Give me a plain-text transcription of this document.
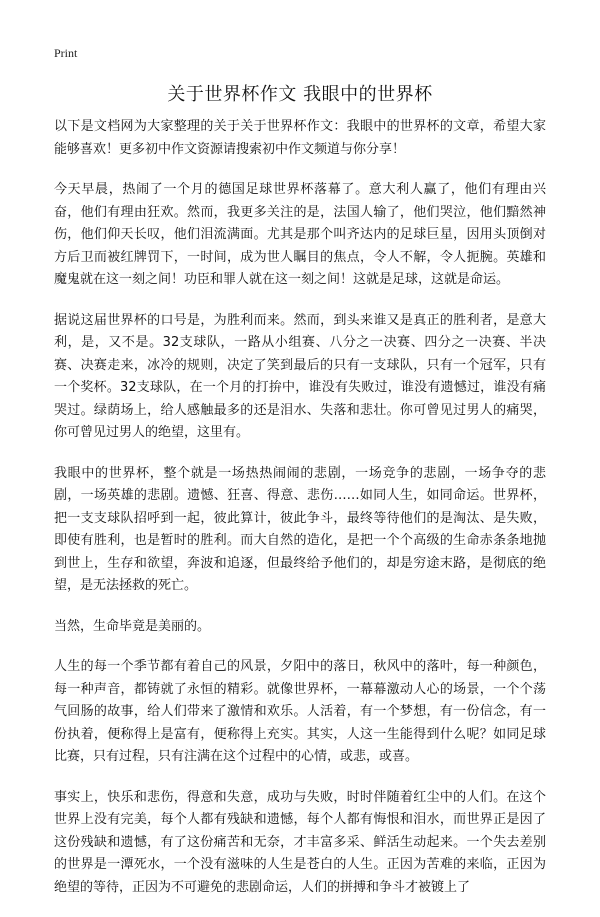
Print
关于世界杯作文 我眼中的世界杯

以下是文档网为大家整理的关于关于世界杯作文：我眼中的世界杯的文章，希望大家能够喜欢！更多初中作文资源请搜索初中作文频道与你分享！

今天早晨，热闹了一个月的德国足球世界杯落幕了。意大利人赢了，他们有理由兴奋，他们有理由狂欢。然而，我更多关注的是，法国人输了，他们哭泣，他们黯然神伤，他们仰天长叹，他们泪流满面。尤其是那个叫齐达内的足球巨星，因用头顶倒对方后卫而被红牌罚下，一时间，成为世人瞩目的焦点，令人不解，令人扼腕。英雄和魔鬼就在这一刻之间！功臣和罪人就在这一刻之间！这就是足球，这就是命运。

据说这届世界杯的口号是，为胜利而来。然而，到头来谁又是真正的胜利者，是意大利，是，又不是。32支球队，一路从小组赛、八分之一决赛、四分之一决赛、半决赛、决赛走来，冰冷的规则，决定了笑到最后的只有一支球队，只有一个冠军，只有一个奖杯。32支球队，在一个月的打拚中，谁没有失败过，谁没有遗憾过，谁没有痛哭过。绿荫场上，给人感触最多的还是泪水、失落和悲壮。你可曾见过男人的痛哭，你可曾见过男人的绝望，这里有。

我眼中的世界杯，整个就是一场热热闹闹的悲剧，一场竞争的悲剧，一场争夺的悲剧，一场英雄的悲剧。遗憾、狂喜、得意、悲伤……如同人生，如同命运。世界杯，把一支支球队招呼到一起，彼此算计，彼此争斗，最终等待他们的是淘汰、是失败，即使有胜利，也是暂时的胜利。而大自然的造化，是把一个个高级的生命赤条条地抛到世上，生存和欲望，奔波和追逐，但最终给予他们的，却是穷途末路，是彻底的绝望，是无法拯救的死亡。

当然，生命毕竟是美丽的。

人生的每一个季节都有着自己的风景，夕阳中的落日，秋风中的落叶，每一种颜色，每一种声音，都铸就了永恒的精彩。就像世界杯，一幕幕激动人心的场景，一个个荡气回肠的故事，给人们带来了激情和欢乐。人活着，有一个梦想，有一份信念，有一份执着，便称得上是富有，便称得上充实。其实，人这一生能得到什么呢？如同足球比赛，只有过程，只有注满在这个过程中的心情，或悲，或喜。

事实上，快乐和悲伤，得意和失意，成功与失败，时时伴随着红尘中的人们。在这个世界上没有完美，每个人都有残缺和遗憾，每个人都有悔恨和泪水，而世界正是因了这份残缺和遗憾，有了这份痛苦和无奈，才丰富多采、鲜活生动起来。一个失去差别的世界是一潭死水，一个没有滋味的人生是苍白的人生。正因为苦难的来临，正因为绝望的等待，正因为不可避免的悲剧命运，人们的拼搏和争斗才被镀上了
